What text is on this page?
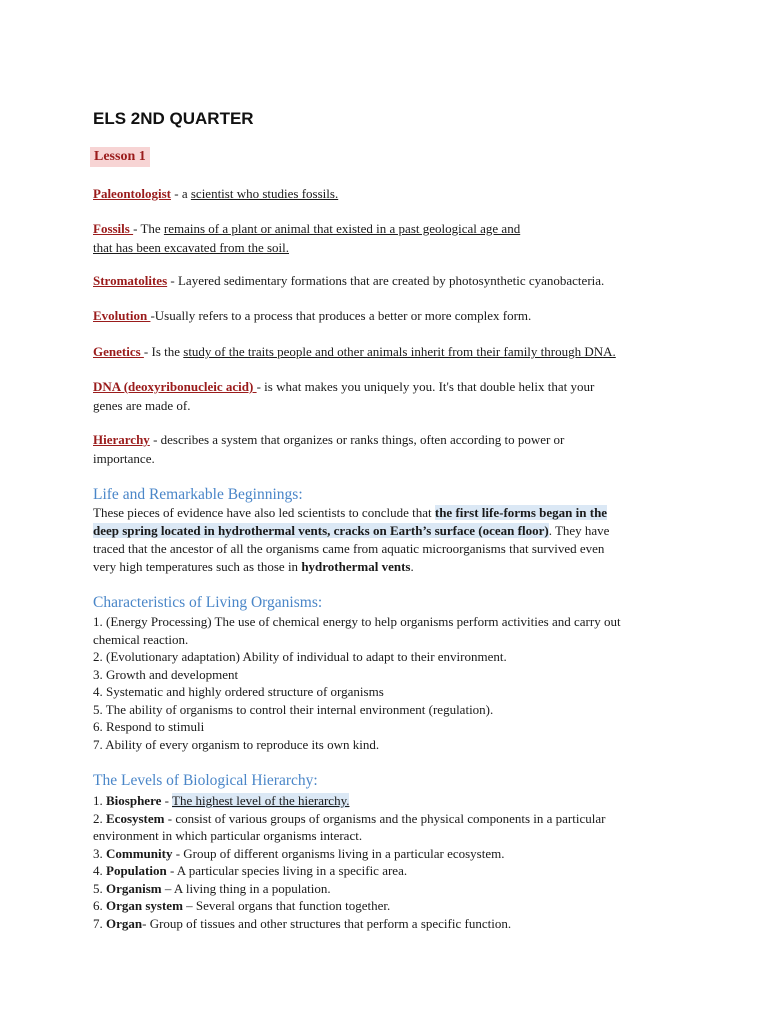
ELS 2ND QUARTER
Lesson 1

Paleontologist - a scientist who studies fossils.

Fossils - The remains of a plant or animal that existed in a past geological age and
that has been excavated from the soil.

Stromatolites - Layered sedimentary formations that are created by photosynthetic cyanobacteria.

Evolution -Usually refers to a process that produces a better or more complex form.

Genetics - Is the study of the traits people and other animals inherit from their family through DNA.

DNA (deoxyribonucleic acid) - is what makes you uniquely you. It's that double helix that your
genes are made of.

Hierarchy - describes a system that organizes or ranks things, often according to power or
importance.

Life and Remarkable Beginnings:

These pieces of evidence have also led scientists to conclude that the first life-forms began in the
deep spring located in hydrothermal vents, cracks on Earth’s surface (ocean floor). They have
traced that the ancestor of all the organisms came from aquatic microorganisms that survived even
very high temperatures such as those in hydrothermal vents.

Characteristics of Living Organisms:
1. (Energy Processing) The use of chemical energy to help organisms perform activities and carry out
chemical reaction.
2. (Evolutionary adaptation) Ability of individual to adapt to their environment.
3. Growth and development
4. Systematic and highly ordered structure of organisms
5. The ability of organisms to control their internal environment (regulation).
6. Respond to stimuli
7. Ability of every organism to reproduce its own kind.
The Levels of Biological Hierarchy:
1. Biosphere - The highest level of the hierarchy.
2. Ecosystem - consist of various groups of organisms and the physical components in a particular
environment in which particular organisms interact.
3. Community - Group of different organisms living in a particular ecosystem.
4. Population - A particular species living in a specific area.
5. Organism – A living thing in a population.
6. Organ system – Several organs that function together.
7. Organ- Group of tissues and other structures that perform a specific function.
